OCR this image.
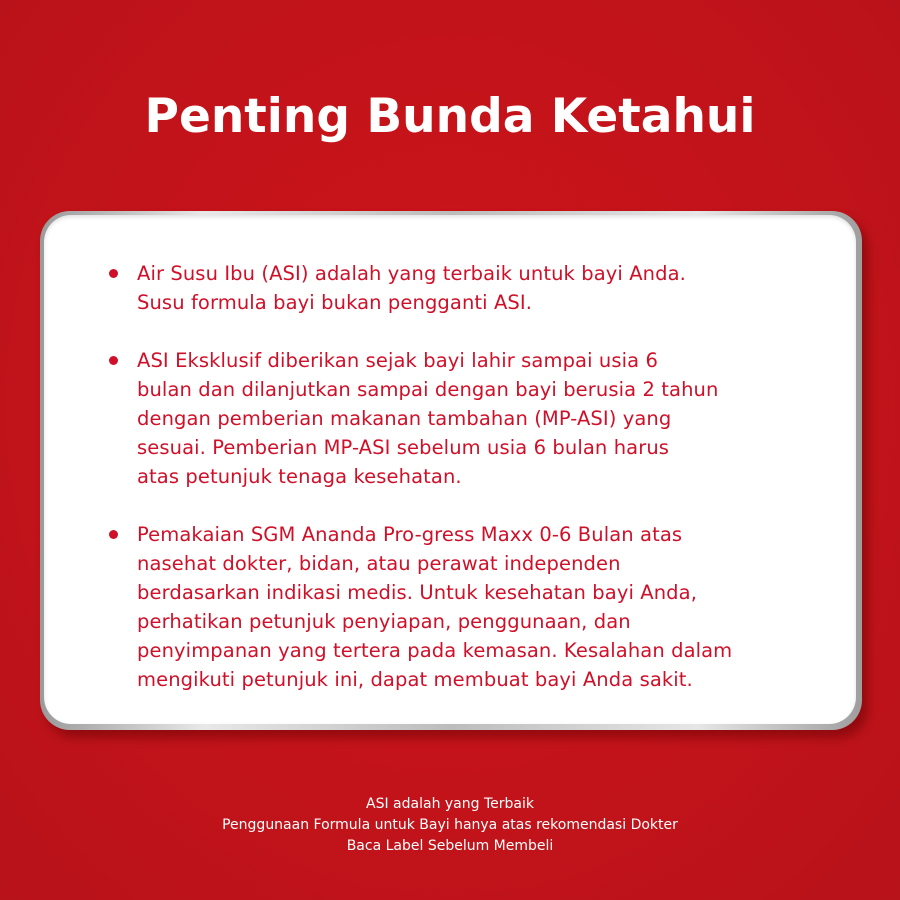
Penting Bunda Ketahui
Air Susu Ibu (ASI) adalah yang terbaik untuk bayi Anda.
Susu formula bayi bukan pengganti ASI.
ASI Eksklusif diberikan sejak bayi lahir sampai usia 6
bulan dan dilanjutkan sampai dengan bayi berusia 2 tahun
dengan pemberian makanan tambahan (MP-ASI) yang
sesuai. Pemberian MP-ASI sebelum usia 6 bulan harus
atas petunjuk tenaga kesehatan.
Pemakaian SGM Ananda Pro-gress Maxx 0-6 Bulan atas
nasehat dokter, bidan, atau perawat independen
berdasarkan indikasi medis. Untuk kesehatan bayi Anda,
perhatikan petunjuk penyiapan, penggunaan, dan
penyimpanan yang tertera pada kemasan. Kesalahan dalam
mengikuti petunjuk ini, dapat membuat bayi Anda sakit.
ASI adalah yang Terbaik
Penggunaan Formula untuk Bayi hanya atas rekomendasi Dokter
Baca Label Sebelum Membeli
